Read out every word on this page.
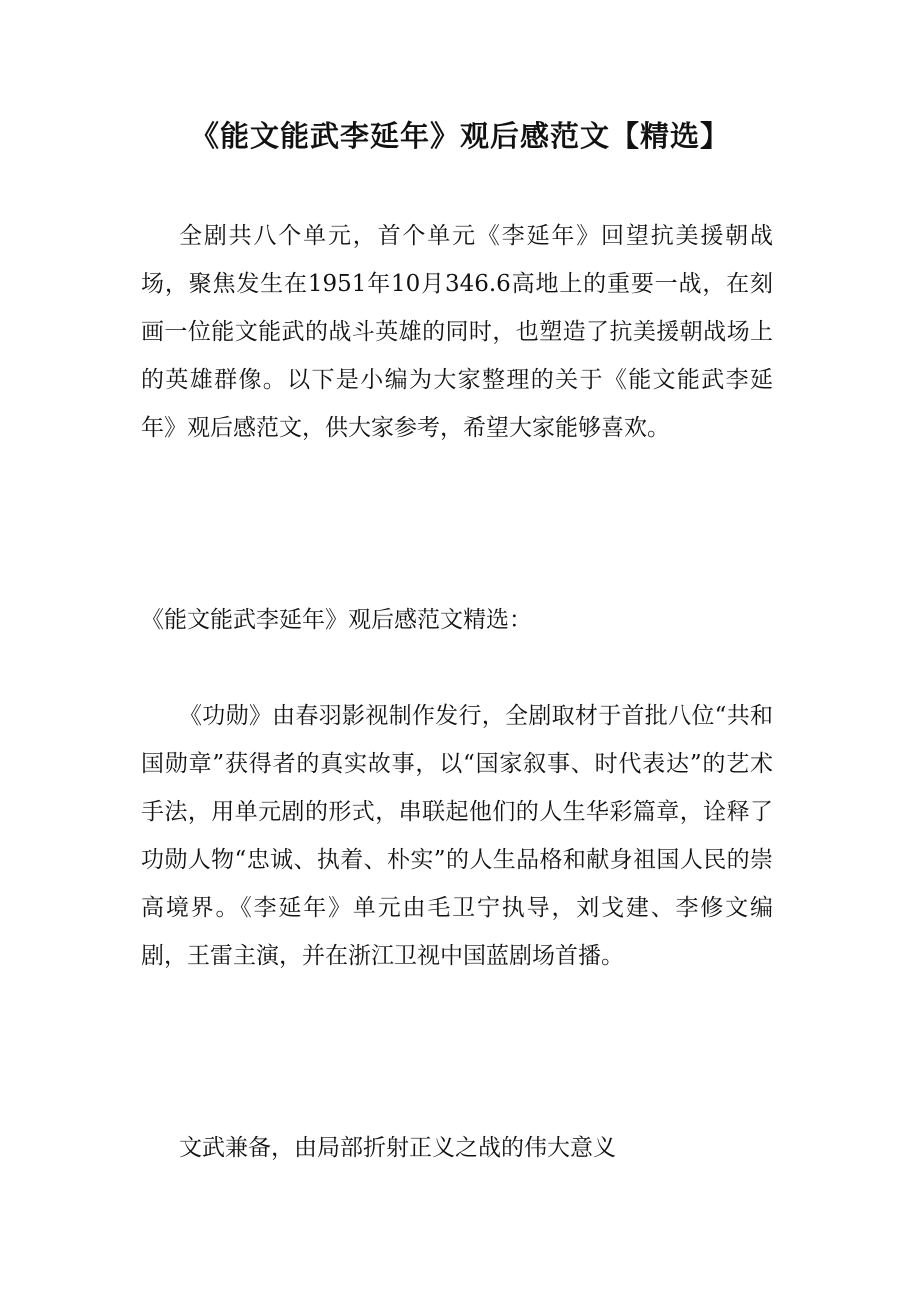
《能文能武李延年》观后感范文【精选】

全剧共八个单元，首个单元《李延年》回望抗美援朝战场，聚焦发生在1951年10月346.6高地上的重要一战，在刻画一位能文能武的战斗英雄的同时，也塑造了抗美援朝战场上的英雄群像。以下是小编为大家整理的关于《能文能武李延年》观后感范文，供大家参考，希望大家能够喜欢。

《能文能武李延年》观后感范文精选：

《功勋》由春羽影视制作发行，全剧取材于首批八位“共和国勋章”获得者的真实故事，以“国家叙事、时代表达”的艺术手法，用单元剧的形式，串联起他们的人生华彩篇章，诠释了功勋人物“忠诚、执着、朴实”的人生品格和献身祖国人民的崇高境界。《李延年》单元由毛卫宁执导，刘戈建、李修文编剧，王雷主演，并在浙江卫视中国蓝剧场首播。

文武兼备，由局部折射正义之战的伟大意义
